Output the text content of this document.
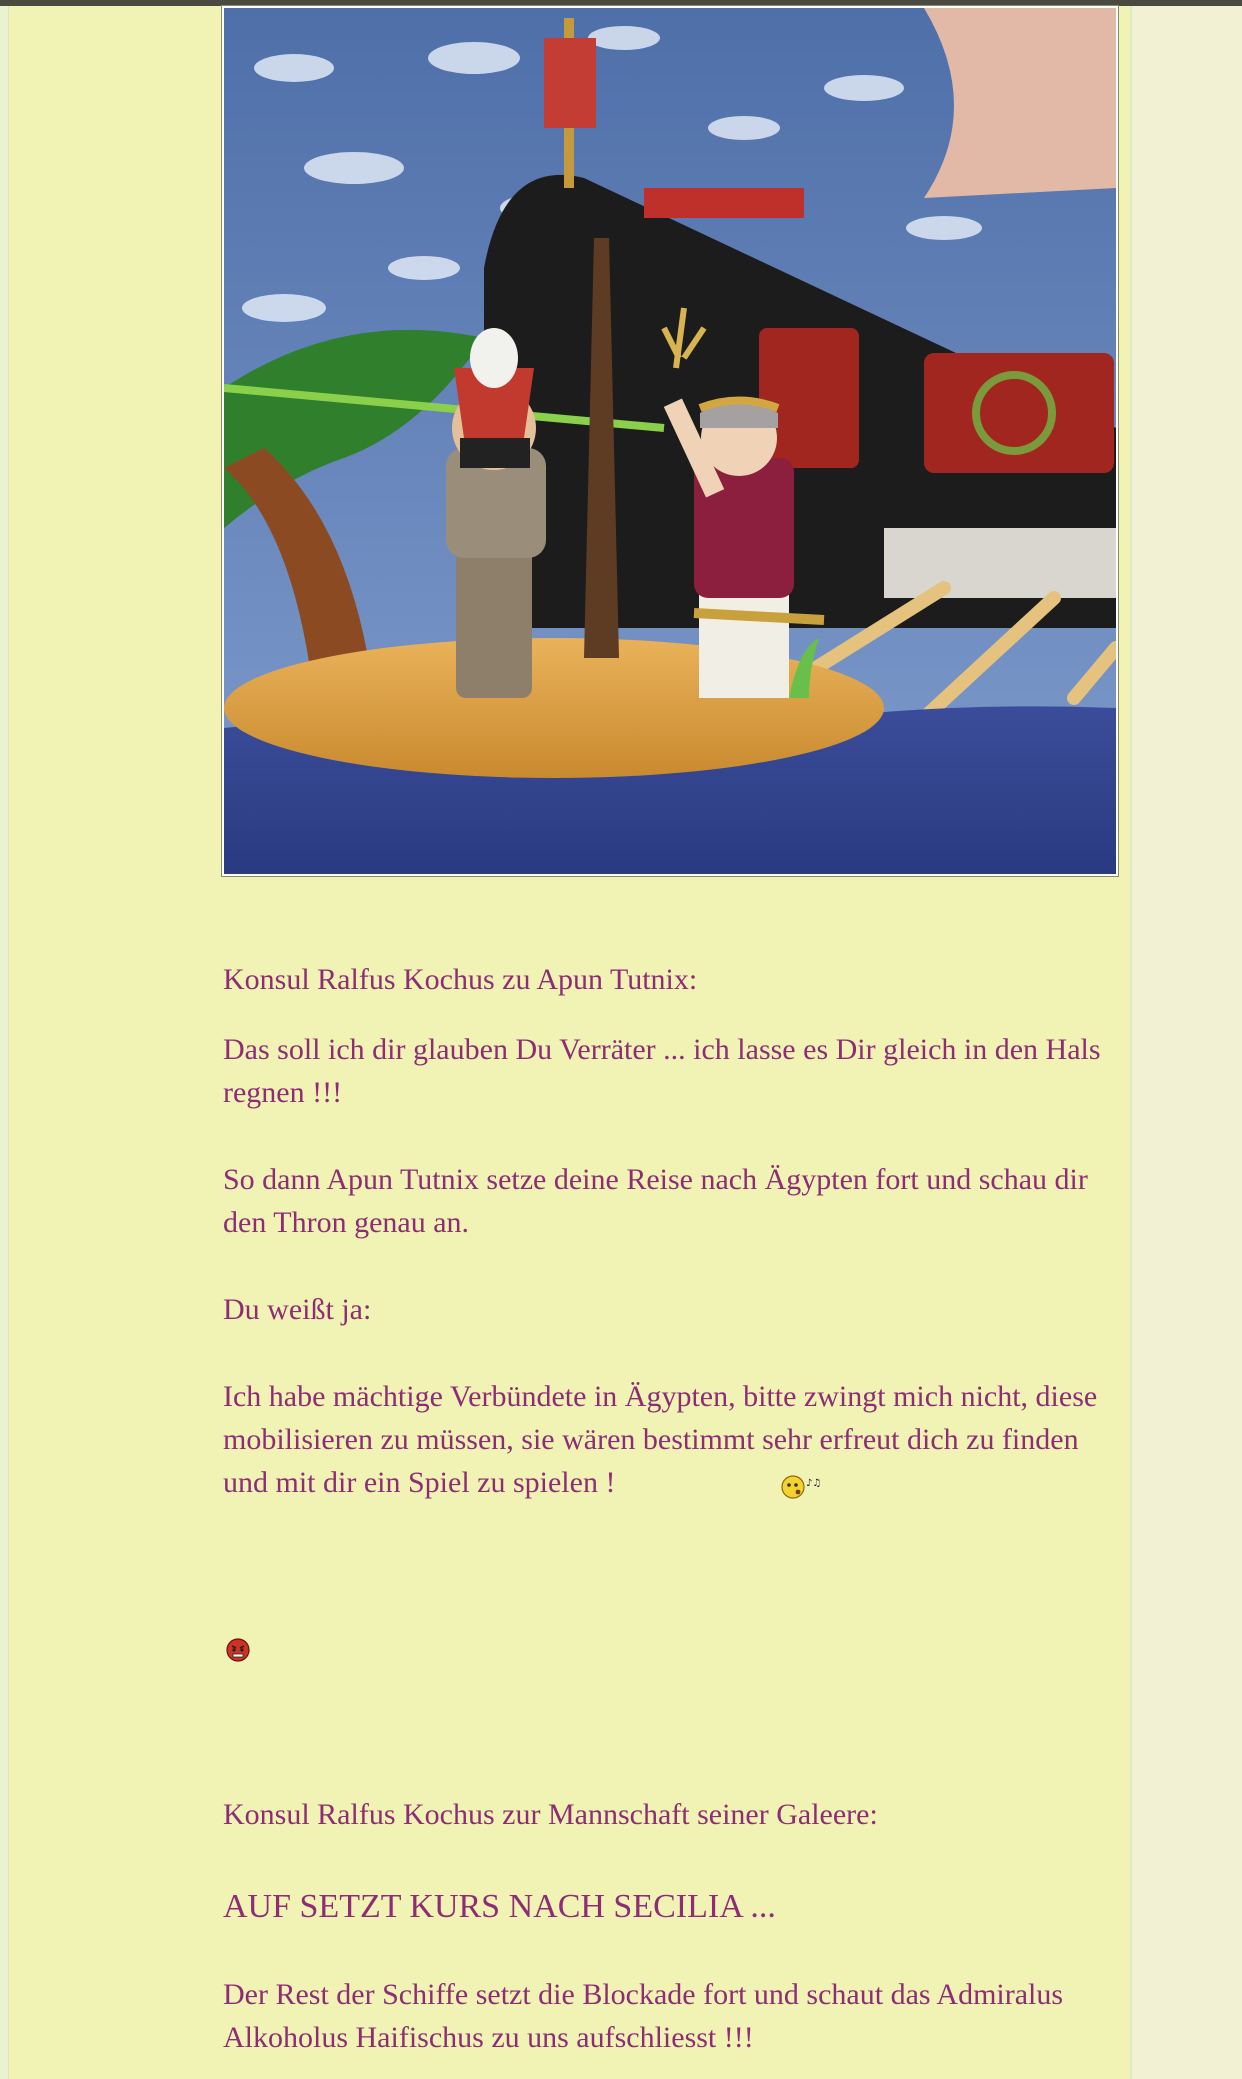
Konsul Ralfus Kochus zu Apun Tutnix:
Das soll ich dir glauben Du Verräter ... ich lasse es Dir gleich in den Hals regnen !!!
So dann Apun Tutnix setze deine Reise nach Ägypten fort und schau dir den Thron genau an.
Du weißt ja:
Ich habe mächtige Verbündete in Ägypten, bitte zwingt mich nicht, diese mobilisieren zu müssen, sie wären bestimmt sehr erfreut dich zu finden und mit dir ein Spiel zu spielen !	♪♫
Konsul Ralfus Kochus zur Mannschaft seiner Galeere:
AUF SETZT KURS NACH SECILIA ...
Der Rest der Schiffe setzt die Blockade fort und schaut das Admiralus Alkoholus Haifischus zu uns aufschliesst !!!
